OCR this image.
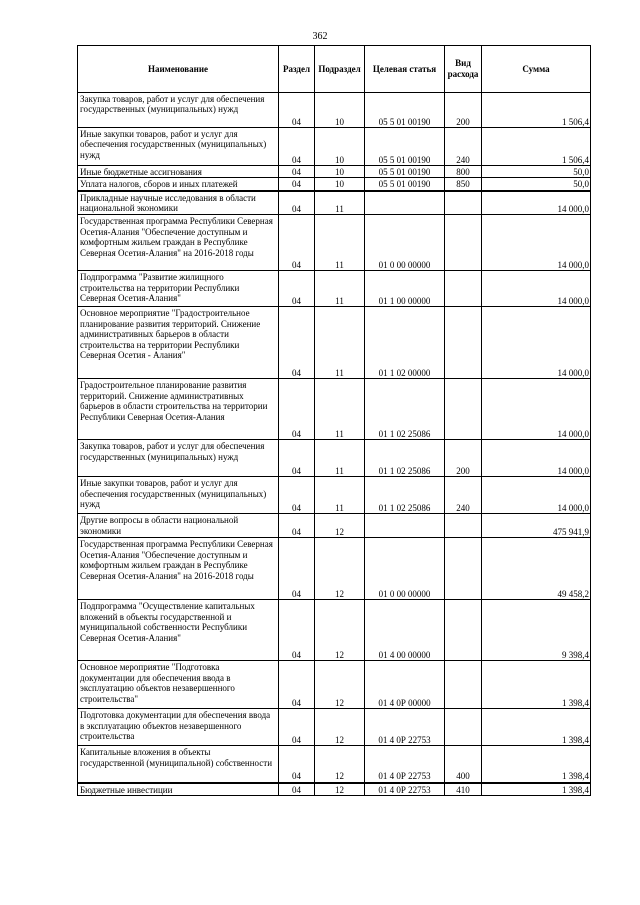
362
Наименование	Раздел	Подраздел	Целевая статья	Вид расхода	Сумма
Закупка товаров, работ и услуг для обеспечения государственных (муниципальных) нужд	04	10	05 5 01 00190	200	1 506,4
Иные закупки товаров, работ и услуг для обеспечения государственных (муниципальных) нужд	04	10	05 5 01 00190	240	1 506,4
Иные бюджетные ассигнования	04	10	05 5 01 00190	800	50,0
Уплата налогов, сборов и иных платежей	04	10	05 5 01 00190	850	50,0
Прикладные научные исследования в области национальной экономики	04	11			14 000,0
Государственная программа Республики Северная Осетия-Алания "Обеспечение доступным и комфортным жильем граждан в Республике Северная Осетия-Алания" на 2016-2018 годы	04	11	01 0 00 00000		14 000,0
Подпрограмма "Развитие жилищного строительства на территории Республики Северная Осетия-Алания"	04	11	01 1 00 00000		14 000,0
Основное мероприятие "Градостроительное планирование развития территорий. Снижение административных барьеров в области строительства на территории Республики Северная Осетия - Алания"	04	11	01 1 02 00000		14 000,0
Градостроительное планирование развития территорий. Снижение административных барьеров в области строительства на территории Республики Северная Осетия-Алания	04	11	01 1 02 25086		14 000,0
Закупка товаров, работ и услуг для обеспечения государственных (муниципальных) нужд	04	11	01 1 02 25086	200	14 000,0
Иные закупки товаров, работ и услуг для обеспечения государственных (муниципальных) нужд	04	11	01 1 02 25086	240	14 000,0
Другие вопросы в области национальной экономики	04	12			475 941,9
Государственная программа Республики Северная Осетия-Алания "Обеспечение доступным и комфортным жильем граждан в Республике Северная Осетия-Алания" на 2016-2018 годы	04	12	01 0 00 00000		49 458,2
Подпрограмма "Осуществление капитальных вложений в объекты государственной и муниципальной собственности Республики Северная Осетия-Алания"	04	12	01 4 00 00000		9 398,4
Основное мероприятие "Подготовка документации для обеспечения ввода в эксплуатацию объектов незавершенного строительства"	04	12	01 4 0Р 00000		1 398,4
Подготовка документации для обеспечения ввода в эксплуатацию объектов незавершенного строительства	04	12	01 4 0Р 22753		1 398,4
Капитальные вложения в объекты государственной (муниципальной) собственности	04	12	01 4 0Р 22753	400	1 398,4
Бюджетные инвестиции	04	12	01 4 0Р 22753	410	1 398,4
